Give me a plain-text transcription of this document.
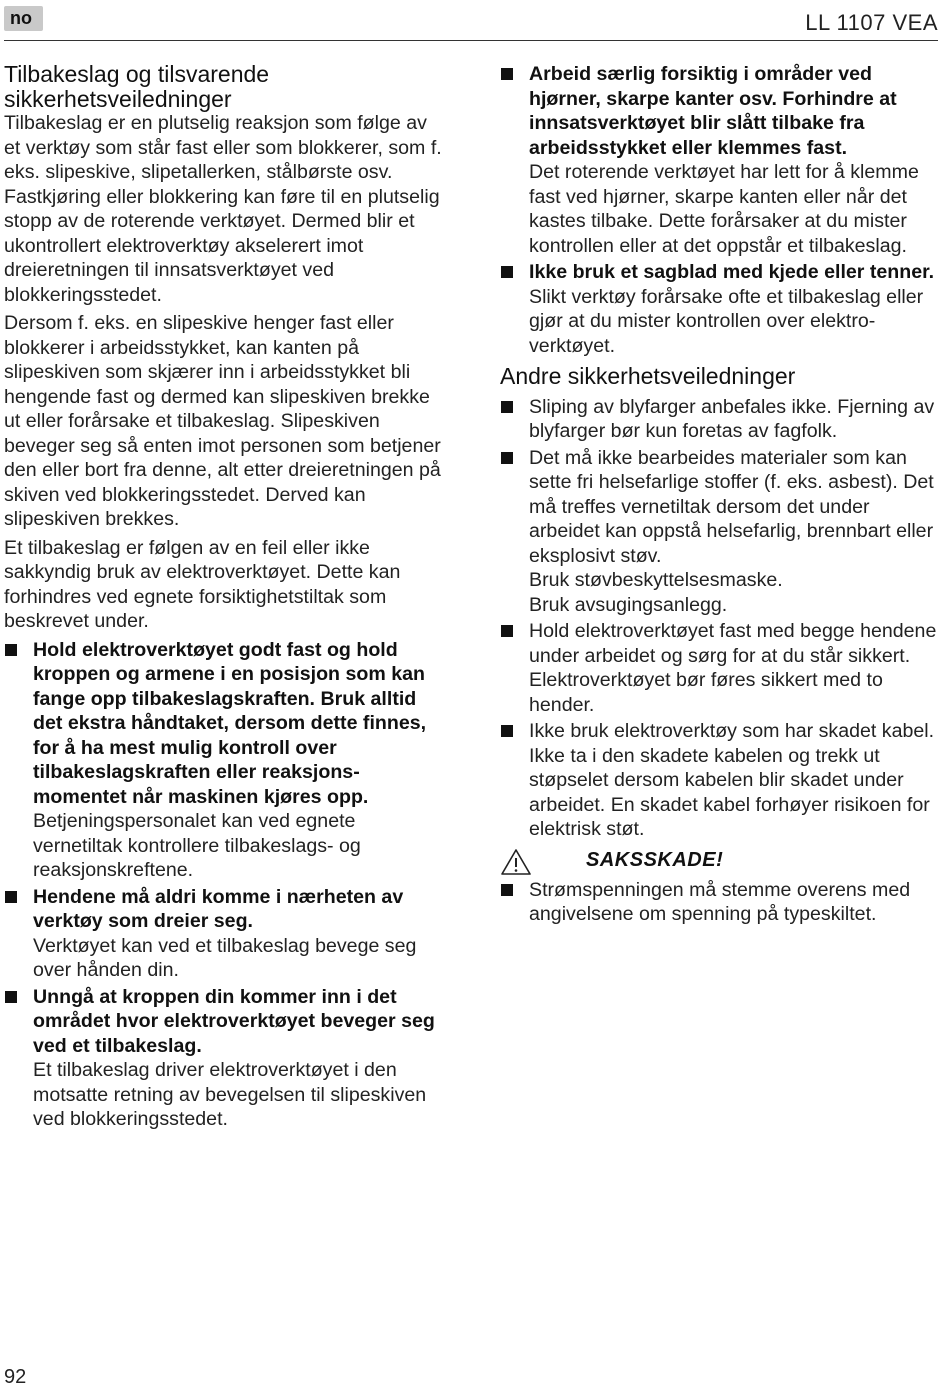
no	LL 1107 VEA
Tilbakeslag og tilsvarende sikkerhetsveiledninger

Tilbakeslag er en plutselig reaksjon som følge av et verktøy som står fast eller som blokkerer, som f. eks. slipeskive, slipetallerken, stålbørste osv. Fastkjøring eller blokkering kan føre til en plutselig stopp av de roterende verktøyet. Dermed blir et ukontrollert elektroverktøy akselerert imot dreieretningen til innsatsverktøyet ved blokkeringsstedet.

Dersom f. eks. en slipeskive henger fast eller blokkerer i arbeidsstykket, kan kanten på slipeskiven som skjærer inn i arbeidsstykket bli hengende fast og dermed kan slipeskiven brekke ut eller forårsake et tilbakeslag. Slipeskiven beveger seg så enten imot personen som betjener den eller bort fra denne, alt etter dreieretningen på skiven ved blokkeringsstedet. Derved kan slipeskiven brekkes.

Et tilbakeslag er følgen av en feil eller ikke sakkyndig bruk av elektroverktøyet. Dette kan forhindres ved egnete forsiktighetstiltak som beskrevet under.

Hold elektroverktøyet godt fast og hold kroppen og armene i en posisjon som kan fange opp tilbakeslagskraften. Bruk alltid det ekstra håndtaket, dersom dette finnes, for å ha mest mulig kontroll over tilbakeslagskraften eller reaksjonsmomentet når maskinen kjøres opp.

Betjeningspersonalet kan ved egnete vernetiltak kontrollere tilbakeslags- og reaksjonskreftene.

Hendene må aldri komme i nærheten av verktøy som dreier seg.

Verktøyet kan ved et tilbakeslag bevege seg over hånden din.

Unngå at kroppen din kommer inn i det området hvor elektroverktøyet beveger seg ved et tilbakeslag.

Et tilbakeslag driver elektroverktøyet i den motsatte retning av bevegelsen til slipeskiven ved blokkeringsstedet.

Arbeid særlig forsiktig i områder ved hjørner, skarpe kanter osv. Forhindre at innsatsverktøyet blir slått tilbake fra arbeidsstykket eller klemmes fast.

Det roterende verktøyet har lett for å klemme fast ved hjørner, skarpe kanten eller når det kastes tilbake. Dette forårsaker at du mister kontrollen eller at det oppstår et tilbakeslag.

Ikke bruk et sagblad med kjede eller tenner.

Slikt verktøy forårsake ofte et tilbakeslag eller gjør at du mister kontrollen over elektroverktøyet.

Andre sikkerhetsveiledninger

Sliping av blyfarger anbefales ikke. Fjerning av blyfarger bør kun foretas av fagfolk.

Det må ikke bearbeides materialer som kan sette fri helsefarlige stoffer (f. eks. asbest). Det må treffes vernetiltak dersom det under arbeidet kan oppstå helsefarlig, brennbart eller eksplosivt støv.

Bruk støvbeskyttelsesmaske.

Bruk avsugingsanlegg.

Hold elektroverktøyet fast med begge hendene under arbeidet og sørg for at du står sikkert. Elektroverktøyet bør føres sikkert med to hender.

Ikke bruk elektroverktøy som har skadet kabel. Ikke ta i den skadete kabelen og trekk ut støpselet dersom kabelen blir skadet under arbeidet. En skadet kabel forhøyer risikoen for elektrisk støt.

SAKSSKADE!

Strømspenningen må stemme overens med angivelsene om spenning på typeskiltet.

92
